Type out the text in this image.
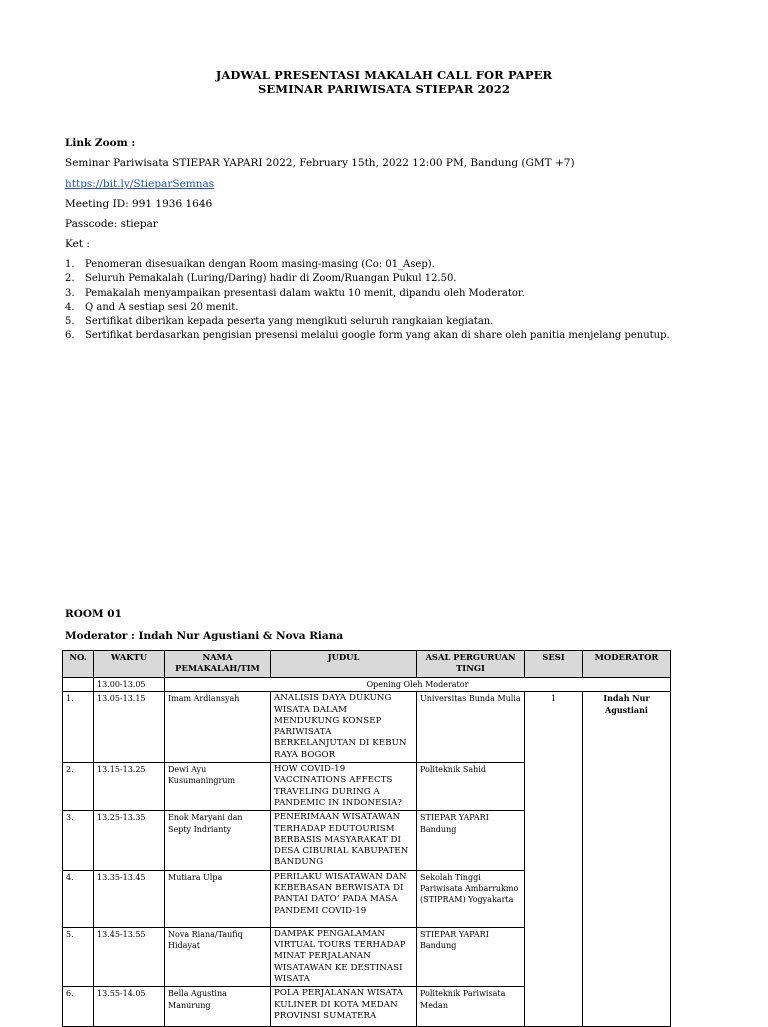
JADWAL PRESENTASI MAKALAH CALL FOR PAPER
SEMINAR PARIWISATA STIEPAR 2022
Link Zoom :
Seminar Pariwisata STIEPAR YAPARI 2022, February 15th, 2022 12:00 PM, Bandung (GMT +7)
https://bit.ly/StieparSemnas
Meeting ID: 991 1936 1646
Passcode: stiepar
Ket :
1. Penomeran disesuaikan dengan Room masing-masing (Co: 01_Asep).
2. Seluruh Pemakalah (Luring/Daring) hadir di Zoom/Ruangan Pukul 12.50.
3. Pemakalah menyampaikan presentasi dalam waktu 10 menit, dipandu oleh Moderator.
4. Q and A sestiap sesi 20 menit.
5. Sertifikat diberikan kepada peserta yang mengikuti seluruh rangkaian kegiatan.
6. Sertifikat berdasarkan pengisian presensi melalui google form yang akan di share oleh panitia menjelang penutup.
ROOM 01
Moderator : Indah Nur Agustiani & Nova Riana
NO.	WAKTU	NAMA PEMAKALAH/TIM	JUDUL	ASAL PERGURUAN TINGI	SESI	MODERATOR
	13.00-13.05	Opening Oleh Moderator				
1.	13.05-13.15	Imam Ardiansyah	ANALISIS DAYA DUKUNG WISATA DALAM MENDUKUNG KONSEP PARIWISATA BERKELANJUTAN DI KEBUN RAYA BOGOR	Universitas Bunda Mulia	1	Indah Nur Agustiani
2.	13.15-13.25	Dewi Ayu Kusumaningrum	HOW COVID-19 VACCINATIONS AFFECTS TRAVELING DURING A PANDEMIC IN INDONESIA?	Politeknik Sahid		
3.	13.25-13.35	Enok Maryani dan Septy Indrianty	PENERIMAAN WISATAWAN TERHADAP EDUTOURISM BERBASIS MASYARAKAT DI DESA CIBURIAL KABUPATEN BANDUNG	STIEPAR YAPARI Bandung		
4.	13.35-13.45	Mutiara Ulpa	PERILAKU WISATAWAN DAN KEBEBASAN BERWISATA DI PANTAI DATO’ PADA MASA PANDEMI COVID-19	Sekolah Tinggi Pariwisata Ambarrukmo (STIPRAM) Yogyakarta		
5.	13.45-13.55	Nova Riana/Taufiq Hidayat	DAMPAK PENGALAMAN VIRTUAL TOURS TERHADAP MINAT PERJALANAN WISATAWAN KE DESTINASI WISATA	STIEPAR YAPARI Bandung		
6.	13.55-14.05	Bella Agustina Manurung	POLA PERJALANAN WISATA KULINER DI KOTA MEDAN PROVINSI SUMATERA	Politeknik Pariwisata Medan		
